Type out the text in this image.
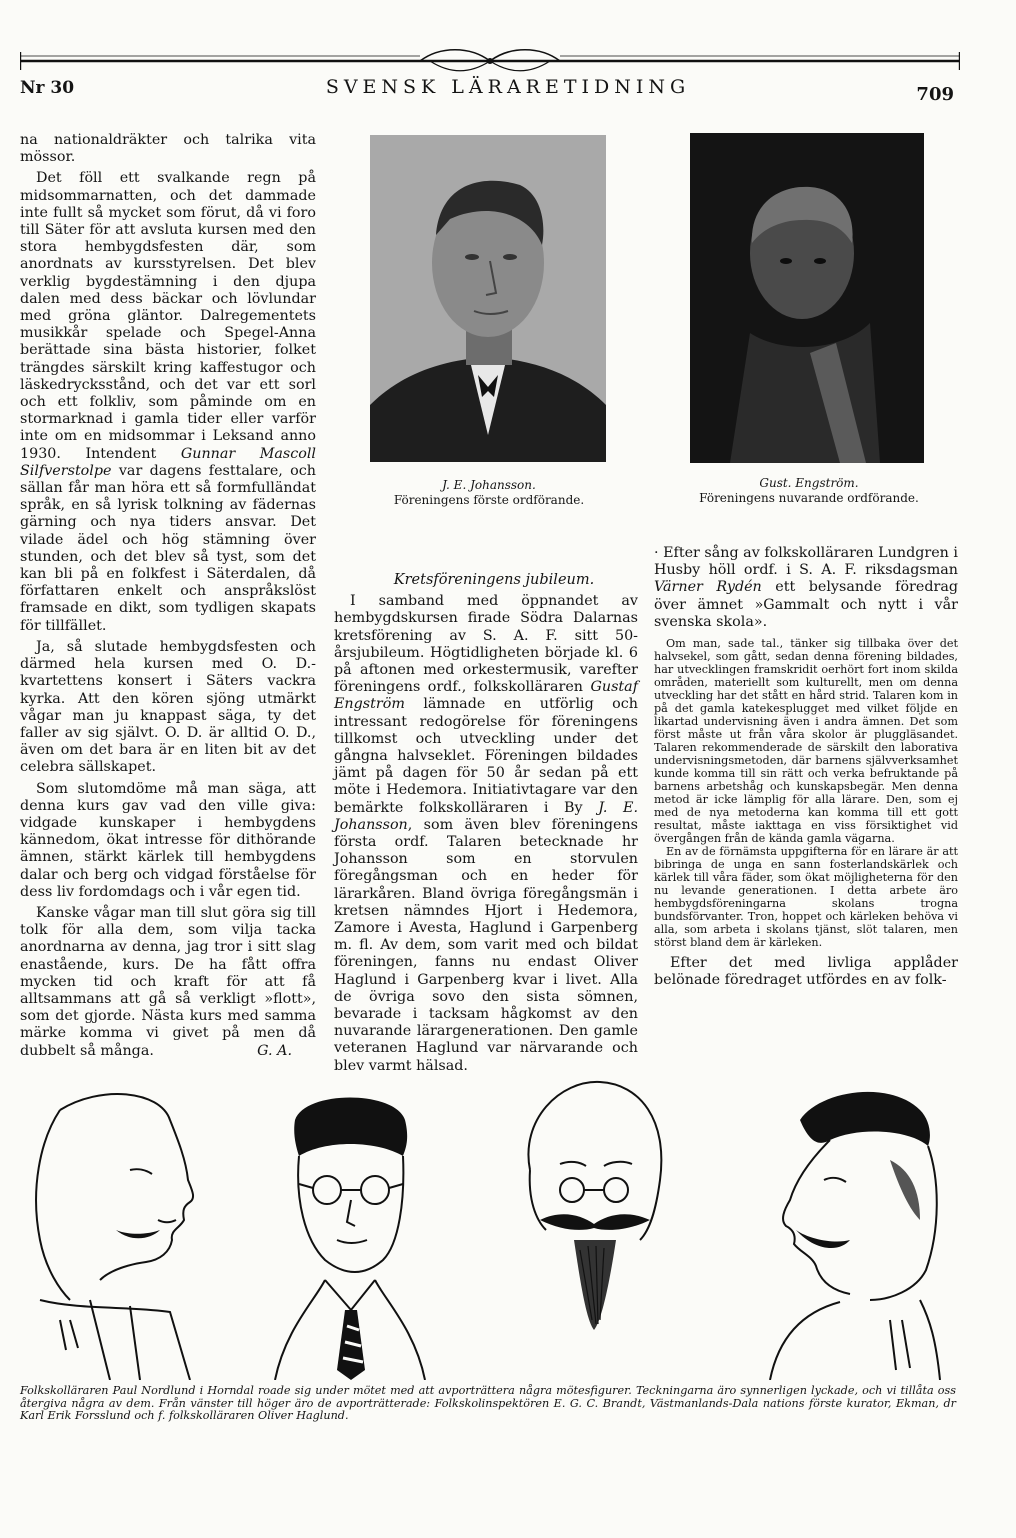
Nr 30	SVENSK LÄRARETIDNING	709

na nationaldräkter och talrika vita mössor.

Det föll ett svalkande regn på midsommarnatten, och det dammade inte fullt så mycket som förut, då vi foro till Säter för att avsluta kursen med den stora hembygdsfesten där, som anordnats av kursstyrelsen. Det blev verklig bygdestämning i den djupa dalen med dess bäckar och lövlundar med gröna gläntor. Dalregementets musikkår spelade och Spegel-Anna berättade sina bästa historier, folket trängdes särskilt kring kaffestugor och läskedrycksstånd, och det var ett sorl och ett folkliv, som påminde om en stormarknad i gamla tider eller varför inte om en midsommar i Leksand anno 1930. Intendent Gunnar Mascoll Silfverstolpe var dagens festtalare, och sällan får man höra ett så formfulländat språk, en så lyrisk tolkning av fädernas gärning och nya tiders ansvar. Det vilade ädel och hög stämning över stunden, och det blev så tyst, som det kan bli på en folkfest i Säterdalen, då författaren enkelt och anspråkslöst framsade en dikt, som tydligen skapats för tillfället.

Ja, så slutade hembygdsfesten och därmed hela kursen med O. D.-kvartettens konsert i Säters vackra kyrka. Att den kören sjöng utmärkt vågar man ju knappast säga, ty det faller av sig självt. O. D. är alltid O. D., även om det bara är en liten bit av det celebra sällskapet.

Som slutomdöme må man säga, att denna kurs gav vad den ville giva: vidgade kunskaper i hembygdens kännedom, ökat intresse för dithörande ämnen, stärkt kärlek till hembygdens dalar och berg och vidgad förståelse för dess liv fordomdags och i vår egen tid.

Kanske vågar man till slut göra sig till tolk för alla dem, som vilja tacka anordnarna av denna, jag tror i sitt slag enastående, kurs. De ha fått offra mycken tid och kraft för att få alltsammans att gå så verkligt »flott», som det gjorde. Nästa kurs med samma märke komma vi givet på men då dubbelt så många.	G. A.

J. E. Johansson.
Föreningens förste ordförande.
Gust. Engström.
Föreningens nuvarande ordförande.

Kretsföreningens jubileum.

I samband med öppnandet av hembygdskursen firade Södra Dalarnas kretsförening av S. A. F. sitt 50-årsjubileum. Högtidligheten började kl. 6 på aftonen med orkestermusik, varefter föreningens ordf., folkskolläraren Gustaf Engström lämnade en utförlig och intressant redogörelse för föreningens tillkomst och utveckling under det gångna halvseklet. Föreningen bildades jämt på dagen för 50 år sedan på ett möte i Hedemora. Initiativtagare var den bemärkte folkskolläraren i By J. E. Johansson, som även blev föreningens första ordf. Talaren betecknade hr Johansson som en storvulen föregångsman och en heder för lärarkåren. Bland övriga föregångsmän i kretsen nämndes Hjort i Hedemora, Zamore i Avesta, Haglund i Garpenberg m. fl. Av dem, som varit med och bildat föreningen, fanns nu endast Oliver Haglund i Garpenberg kvar i livet. Alla de övriga sovo den sista sömnen, bevarade i tacksam hågkomst av den nuvarande lärargenerationen. Den gamle veteranen Haglund var närvarande och blev varmt hälsad.

· Efter sång av folkskolläraren Lundgren i Husby höll ordf. i S. A. F. riksdagsman Värner Rydén ett belysande föredrag över ämnet »Gammalt och nytt i vår svenska skola».

Om man, sade tal., tänker sig tillbaka över det halvsekel, som gått, sedan denna förening bildades, har utvecklingen framskridit oerhört fort inom skilda områden, materiellt som kulturellt, men om denna utveckling har det stått en hård strid. Talaren kom in på det gamla katekesplugget med vilket följde en likartad undervisning även i andra ämnen. Det som först måste ut från våra skolor är pluggläsandet. Talaren rekommenderade de särskilt den laborativa undervisningsmetoden, där barnens självverksamhet kunde komma till sin rätt och verka befruktande på barnens arbetshåg och kunskapsbegär. Men denna metod är icke lämplig för alla lärare. Den, som ej med de nya metoderna kan komma till ett gott resultat, måste iakttaga en viss försiktighet vid övergången från de kända gamla vägarna.

En av de förnämsta uppgifterna för en lärare är att bibringa de unga en sann fosterlandskärlek och kärlek till våra fäder, som ökat möjligheterna för den nu levande generationen. I detta arbete äro hembygdsföreningarna skolans trogna bundsförvanter. Tron, hoppet och kärleken behöva vi alla, som arbeta i skolans tjänst, slöt talaren, men störst bland dem är kärleken.

Efter det med livliga applåder belönade föredraget utfördes en av folk-

Folkskolläraren Paul Nordlund i Horndal roade sig under mötet med att avporträttera några mötesfigurer. Teckningarna äro synnerligen lyckade, och vi tillåta oss återgiva några av dem. Från vänster till höger äro de avporträtterade: Folkskolinspektören E. G. C. Brandt, Västmanlands-Dala nations förste kurator, Ekman, dr Karl Erik Forsslund och f. folkskolläraren Oliver Haglund.
